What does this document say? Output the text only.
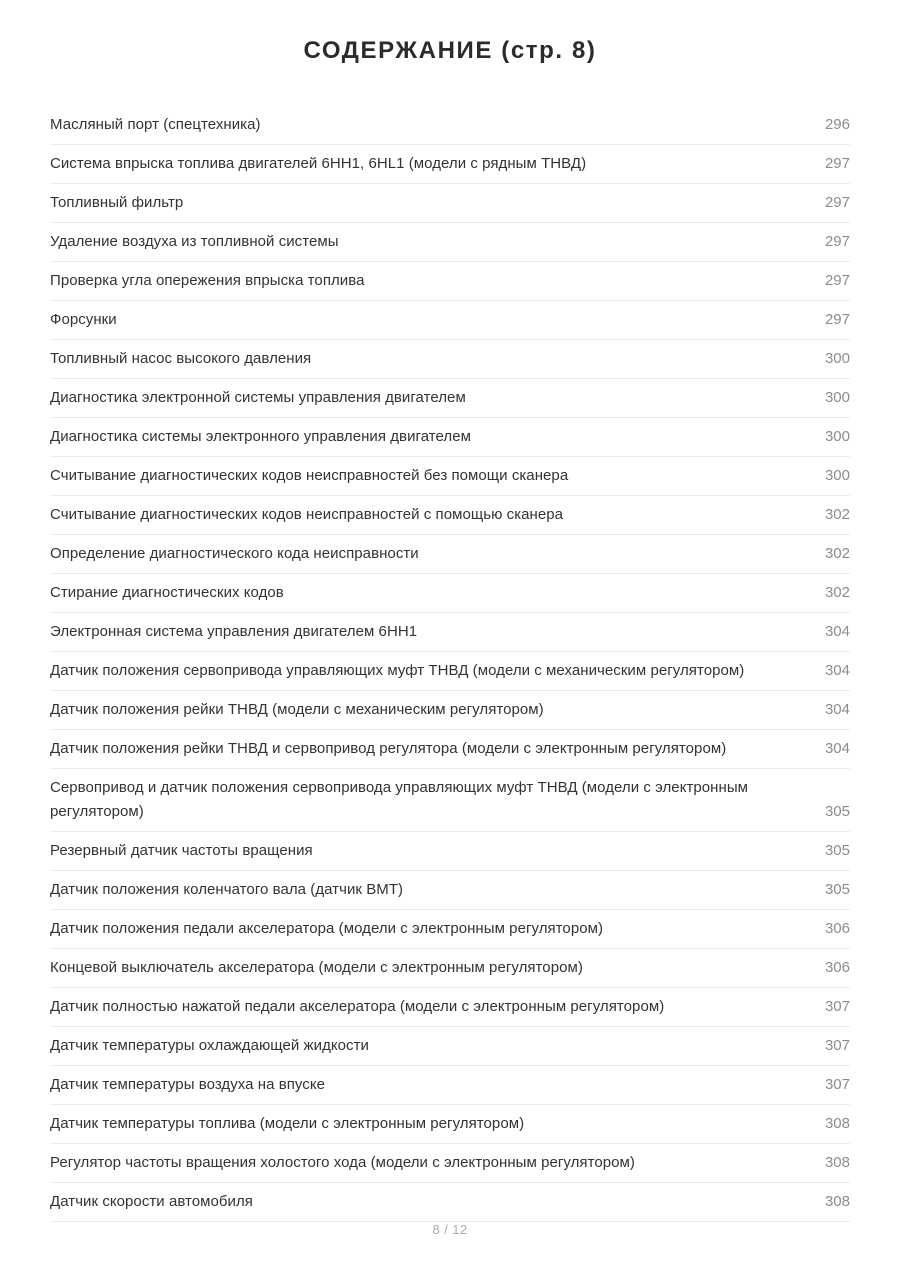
СОДЕРЖАНИЕ (стр. 8)
Масляный порт (спецтехника)	296
Система впрыска топлива двигателей 6HH1, 6HL1 (модели с рядным ТНВД)	297
Топливный фильтр	297
Удаление воздуха из топливной системы	297
Проверка угла опережения впрыска топлива	297
Форсунки	297
Топливный насос высокого давления	300
Диагностика электронной системы управления двигателем	300
Диагностика системы электронного управления двигателем	300
Считывание диагностических кодов неисправностей без помощи сканера	300
Считывание диагностических кодов неисправностей с помощью сканера	302
Определение диагностического кода неисправности	302
Стирание диагностических кодов	302
Электронная система управления двигателем 6HH1	304
Датчик положения сервопривода управляющих муфт ТНВД (модели с механическим регулятором)	304
Датчик положения рейки ТНВД (модели с механическим регулятором)	304
Датчик положения рейки ТНВД и сервопривод регулятора (модели с электронным регулятором)	304
Сервопривод и датчик положения сервопривода управляющих муфт ТНВД (модели с электронным регулятором)	305
Резервный датчик частоты вращения	305
Датчик положения коленчатого вала (датчик ВМТ)	305
Датчик положения педали акселератора (модели с электронным регулятором)	306
Концевой выключатель акселератора (модели с электронным регулятором)	306
Датчик полностью нажатой педали акселератора (модели с электронным регулятором)	307
Датчик температуры охлаждающей жидкости	307
Датчик температуры воздуха на впуске	307
Датчик температуры топлива (модели с электронным регулятором)	308
Регулятор частоты вращения холостого хода (модели с электронным регулятором)	308
Датчик скорости автомобиля	308
8 / 12
